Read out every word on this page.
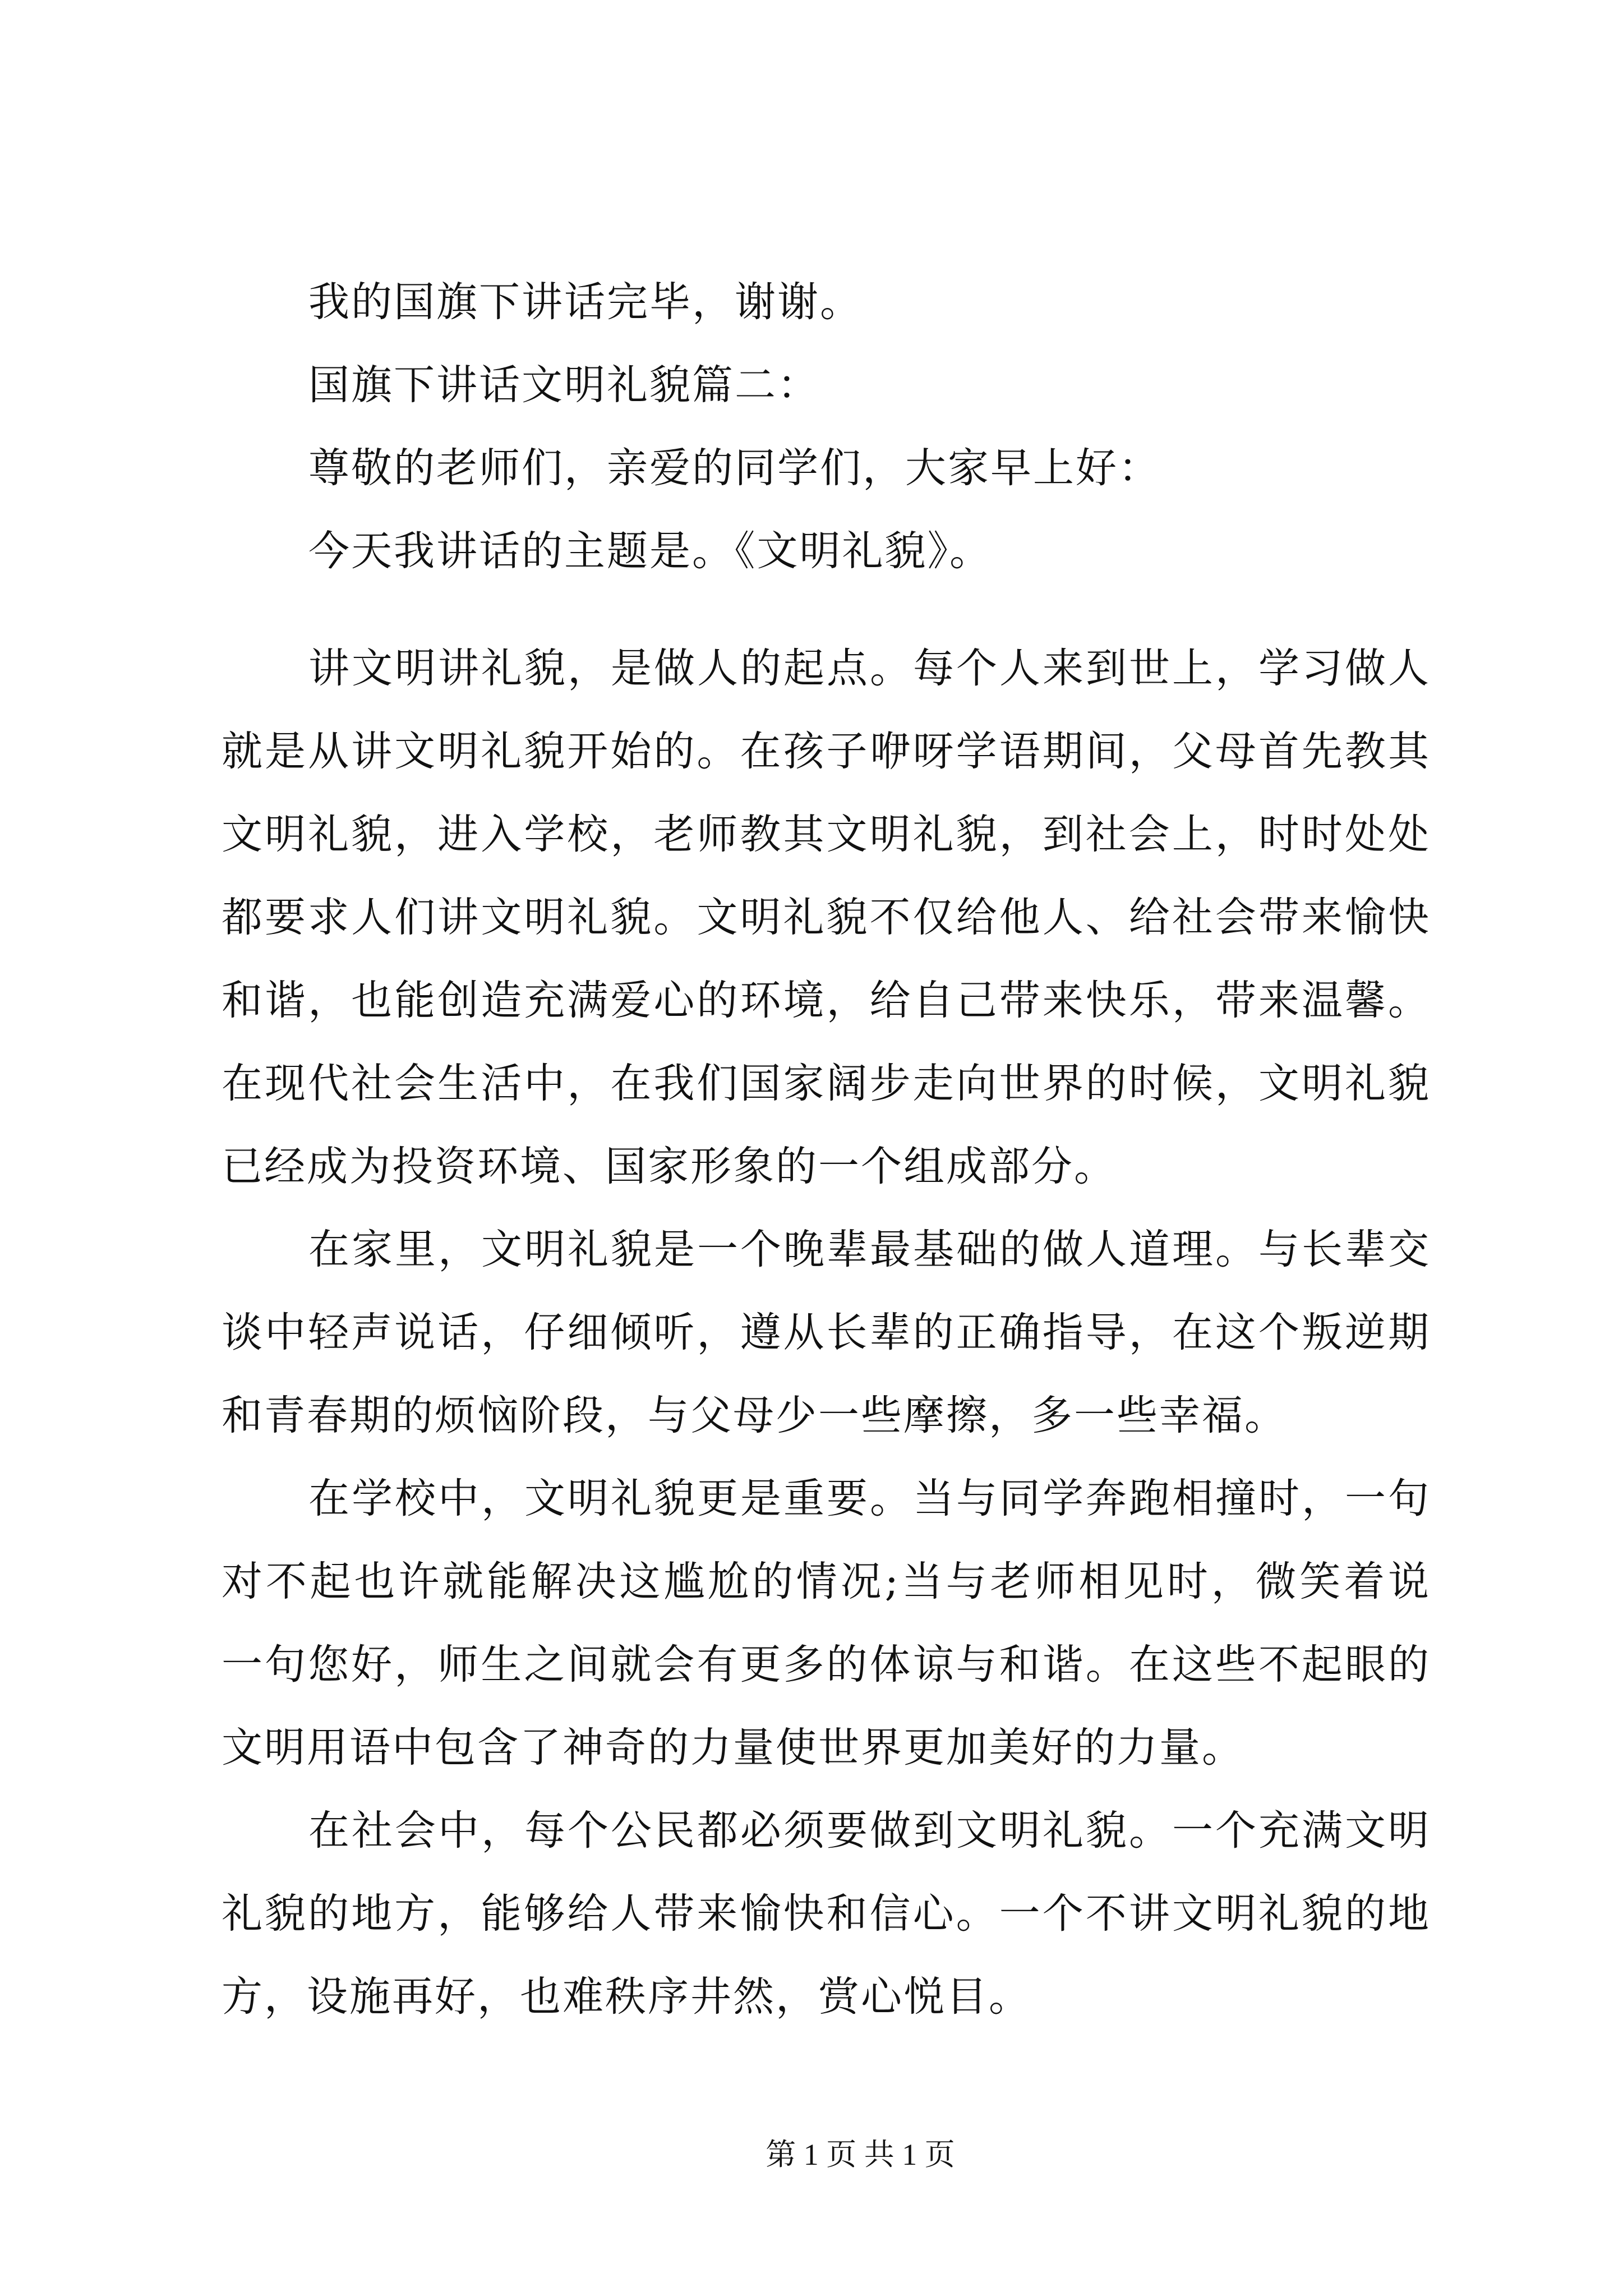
我的国旗下讲话完毕，谢谢。
国旗下讲话文明礼貌篇二：
尊敬的老师们，亲爱的同学们，大家早上好：
今天我讲话的主题是。《文明礼貌》。
讲文明讲礼貌，是做人的起点。每个人来到世上，学习做人
就是从讲文明礼貌开始的。在孩子咿呀学语期间，父母首先教其
文明礼貌，进入学校，老师教其文明礼貌，到社会上，时时处处
都要求人们讲文明礼貌。文明礼貌不仅给他人、给社会带来愉快
和谐，也能创造充满爱心的环境，给自己带来快乐，带来温馨。
在现代社会生活中，在我们国家阔步走向世界的时候，文明礼貌
已经成为投资环境、国家形象的一个组成部分。
在家里，文明礼貌是一个晚辈最基础的做人道理。与长辈交
谈中轻声说话，仔细倾听，遵从长辈的正确指导，在这个叛逆期
和青春期的烦恼阶段，与父母少一些摩擦，多一些幸福。
在学校中，文明礼貌更是重要。当与同学奔跑相撞时，一句
对不起也许就能解决这尴尬的情况;当与老师相见时，微笑着说
一句您好，师生之间就会有更多的体谅与和谐。在这些不起眼的
文明用语中包含了神奇的力量使世界更加美好的力量。
在社会中，每个公民都必须要做到文明礼貌。一个充满文明
礼貌的地方，能够给人带来愉快和信心。一个不讲文明礼貌的地
方，设施再好，也难秩序井然，赏心悦目。
第 1 页 共 1 页
